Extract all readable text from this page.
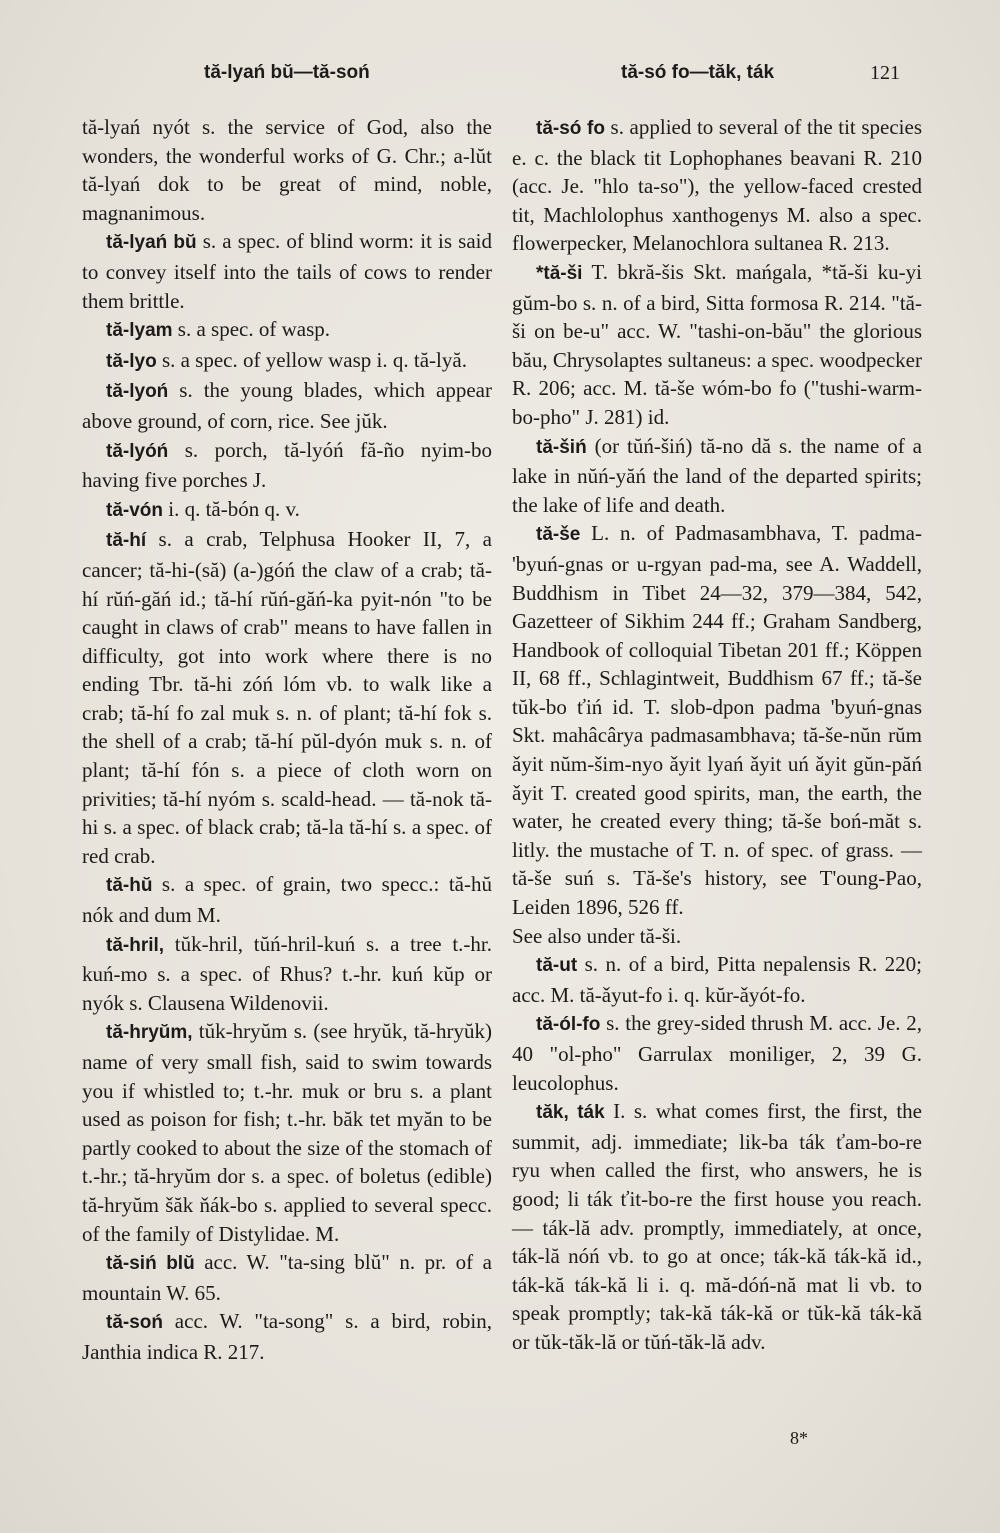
tă-lyań bŭ—tă-soń	tă-só fo—tăk, ták	121

tă-lyań nyót s. the service of God, also the wonders, the wonderful works of G. Chr.; a-lŭt tă-lyań dok to be great of mind, noble, magnanimous.

tă-lyań bŭ s. a spec. of blind worm: it is said to convey itself into the tails of cows to render them brittle.

tă-lyam s. a spec. of wasp.

tă-lyo s. a spec. of yellow wasp i. q. tă-lyă.

tă-lyoń s. the young blades, which appear above ground, of corn, rice. See jŭk.

tă-lyóń s. porch, tă-lyóń fă-ño nyim-bo having five porches J.

tă-vón i. q. tă-bón q. v.

tă-hí s. a crab, Telphusa Hooker II, 7, a cancer; tă-hi-(să) (a-)góń the claw of a crab; tă-hí rŭń-găń id.; tă-hí rŭń-găń-ka pyit-nón "to be caught in claws of crab" means to have fallen in difficulty, got into work where there is no ending Tbr. tă-hi zóń lóm vb. to walk like a crab; tă-hí fo zal muk s. n. of plant; tă-hí fok s. the shell of a crab; tă-hí pŭl-dyón muk s. n. of plant; tă-hí fón s. a piece of cloth worn on privities; tă-hí nyóm s. scald-head. — tă-nok tă-hi s. a spec. of black crab; tă-la tă-hí s. a spec. of red crab.

tă-hŭ s. a spec. of grain, two specc.: tă-hŭ nók and dum M.

tă-hril, tŭk-hril, tŭń-hril-kuń s. a tree t.-hr. kuń-mo s. a spec. of Rhus? t.-hr. kuń kŭp or nyók s. Clausena Wildenovii.

tă-hryŭm, tŭk-hryŭm s. (see hryŭk, tă-hryŭk) name of very small fish, said to swim towards you if whistled to; t.-hr. muk or bru s. a plant used as poison for fish; t.-hr. băk tet myăn to be partly cooked to about the size of the stomach of t.-hr.; tă-hryŭm dor s. a spec. of boletus (edible) tă-hryŭm šăk ňák-bo s. applied to several specc. of the family of Distylidae. M.

tă-siń blŭ acc. W. "ta-sing blŭ" n. pr. of a mountain W. 65.

tă-soń acc. W. "ta-song" s. a bird, robin, Janthia indica R. 217.

tă-só fo s. applied to several of the tit species e. c. the black tit Lophophanes beavani R. 210 (acc. Je. "hlo ta-so"), the yellow-faced crested tit, Machlolophus xanthogenys M. also a spec. flowerpecker, Melanochlora sultanea R. 213.

*tă-ši T. bkră-šis Skt. mańgala, *tă-ši ku-yi gŭm-bo s. n. of a bird, Sitta formosa R. 214. "tă-ši on be-u" acc. W. "tashi-on-bău" the glorious bău, Chrysolaptes sultaneus: a spec. woodpecker R. 206; acc. M. tă-še wóm-bo fo ("tushi-warm-bo-pho" J. 281) id.

tă-šiń (or tŭń-šiń) tă-no dă s. the name of a lake in nŭń-yăń the land of the departed spirits; the lake of life and death.

tă-še L. n. of Padmasambhava, T. padma-'byuń-gnas or u-rgyan pad-ma, see A. Waddell, Buddhism in Tibet 24—32, 379—384, 542, Gazetteer of Sikhim 244 ff.; Graham Sandberg, Handbook of colloquial Tibetan 201 ff.; Köppen II, 68 ff., Schlagintweit, Buddhism 67 ff.; tă-še tŭk-bo ťiń id. T. slob-dpon padma 'byuń-gnas Skt. mahâcârya padmasambhava; tă-še-nŭn rŭm ǎyit nŭm-šim-nyo ǎyit lyań ǎyit uń ǎyit gŭn-păń ǎyit T. created good spirits, man, the earth, the water, he created every thing; tă-še boń-măt s. litly. the mustache of T. n. of spec. of grass. — tă-še suń s. Tă-še's history, see T'oung-Pao, Leiden 1896, 526 ff.

See also under tă-ši.

tă-ut s. n. of a bird, Pitta nepalensis R. 220; acc. M. tă-ǎyut-fo i. q. kŭr-ǎyót-fo.

tă-ól-fo s. the grey-sided thrush M. acc. Je. 2, 40 "ol-pho" Garrulax moniliger, 2, 39 G. leucolophus.

tăk, ták I. s. what comes first, the first, the summit, adj. immediate; lik-ba ták ťam-bo-re ryu when called the first, who answers, he is good; li ták ťit-bo-re the first house you reach. — ták-lă adv. promptly, immediately, at once, ták-lă nóń vb. to go at once; ták-kă ták-kă id., ták-kă ták-kă li i. q. mă-dóń-nă mat li vb. to speak promptly; tak-kă ták-kă or tŭk-kă ták-kă or tŭk-tăk-lă or tŭń-tăk-lă adv.

8*
